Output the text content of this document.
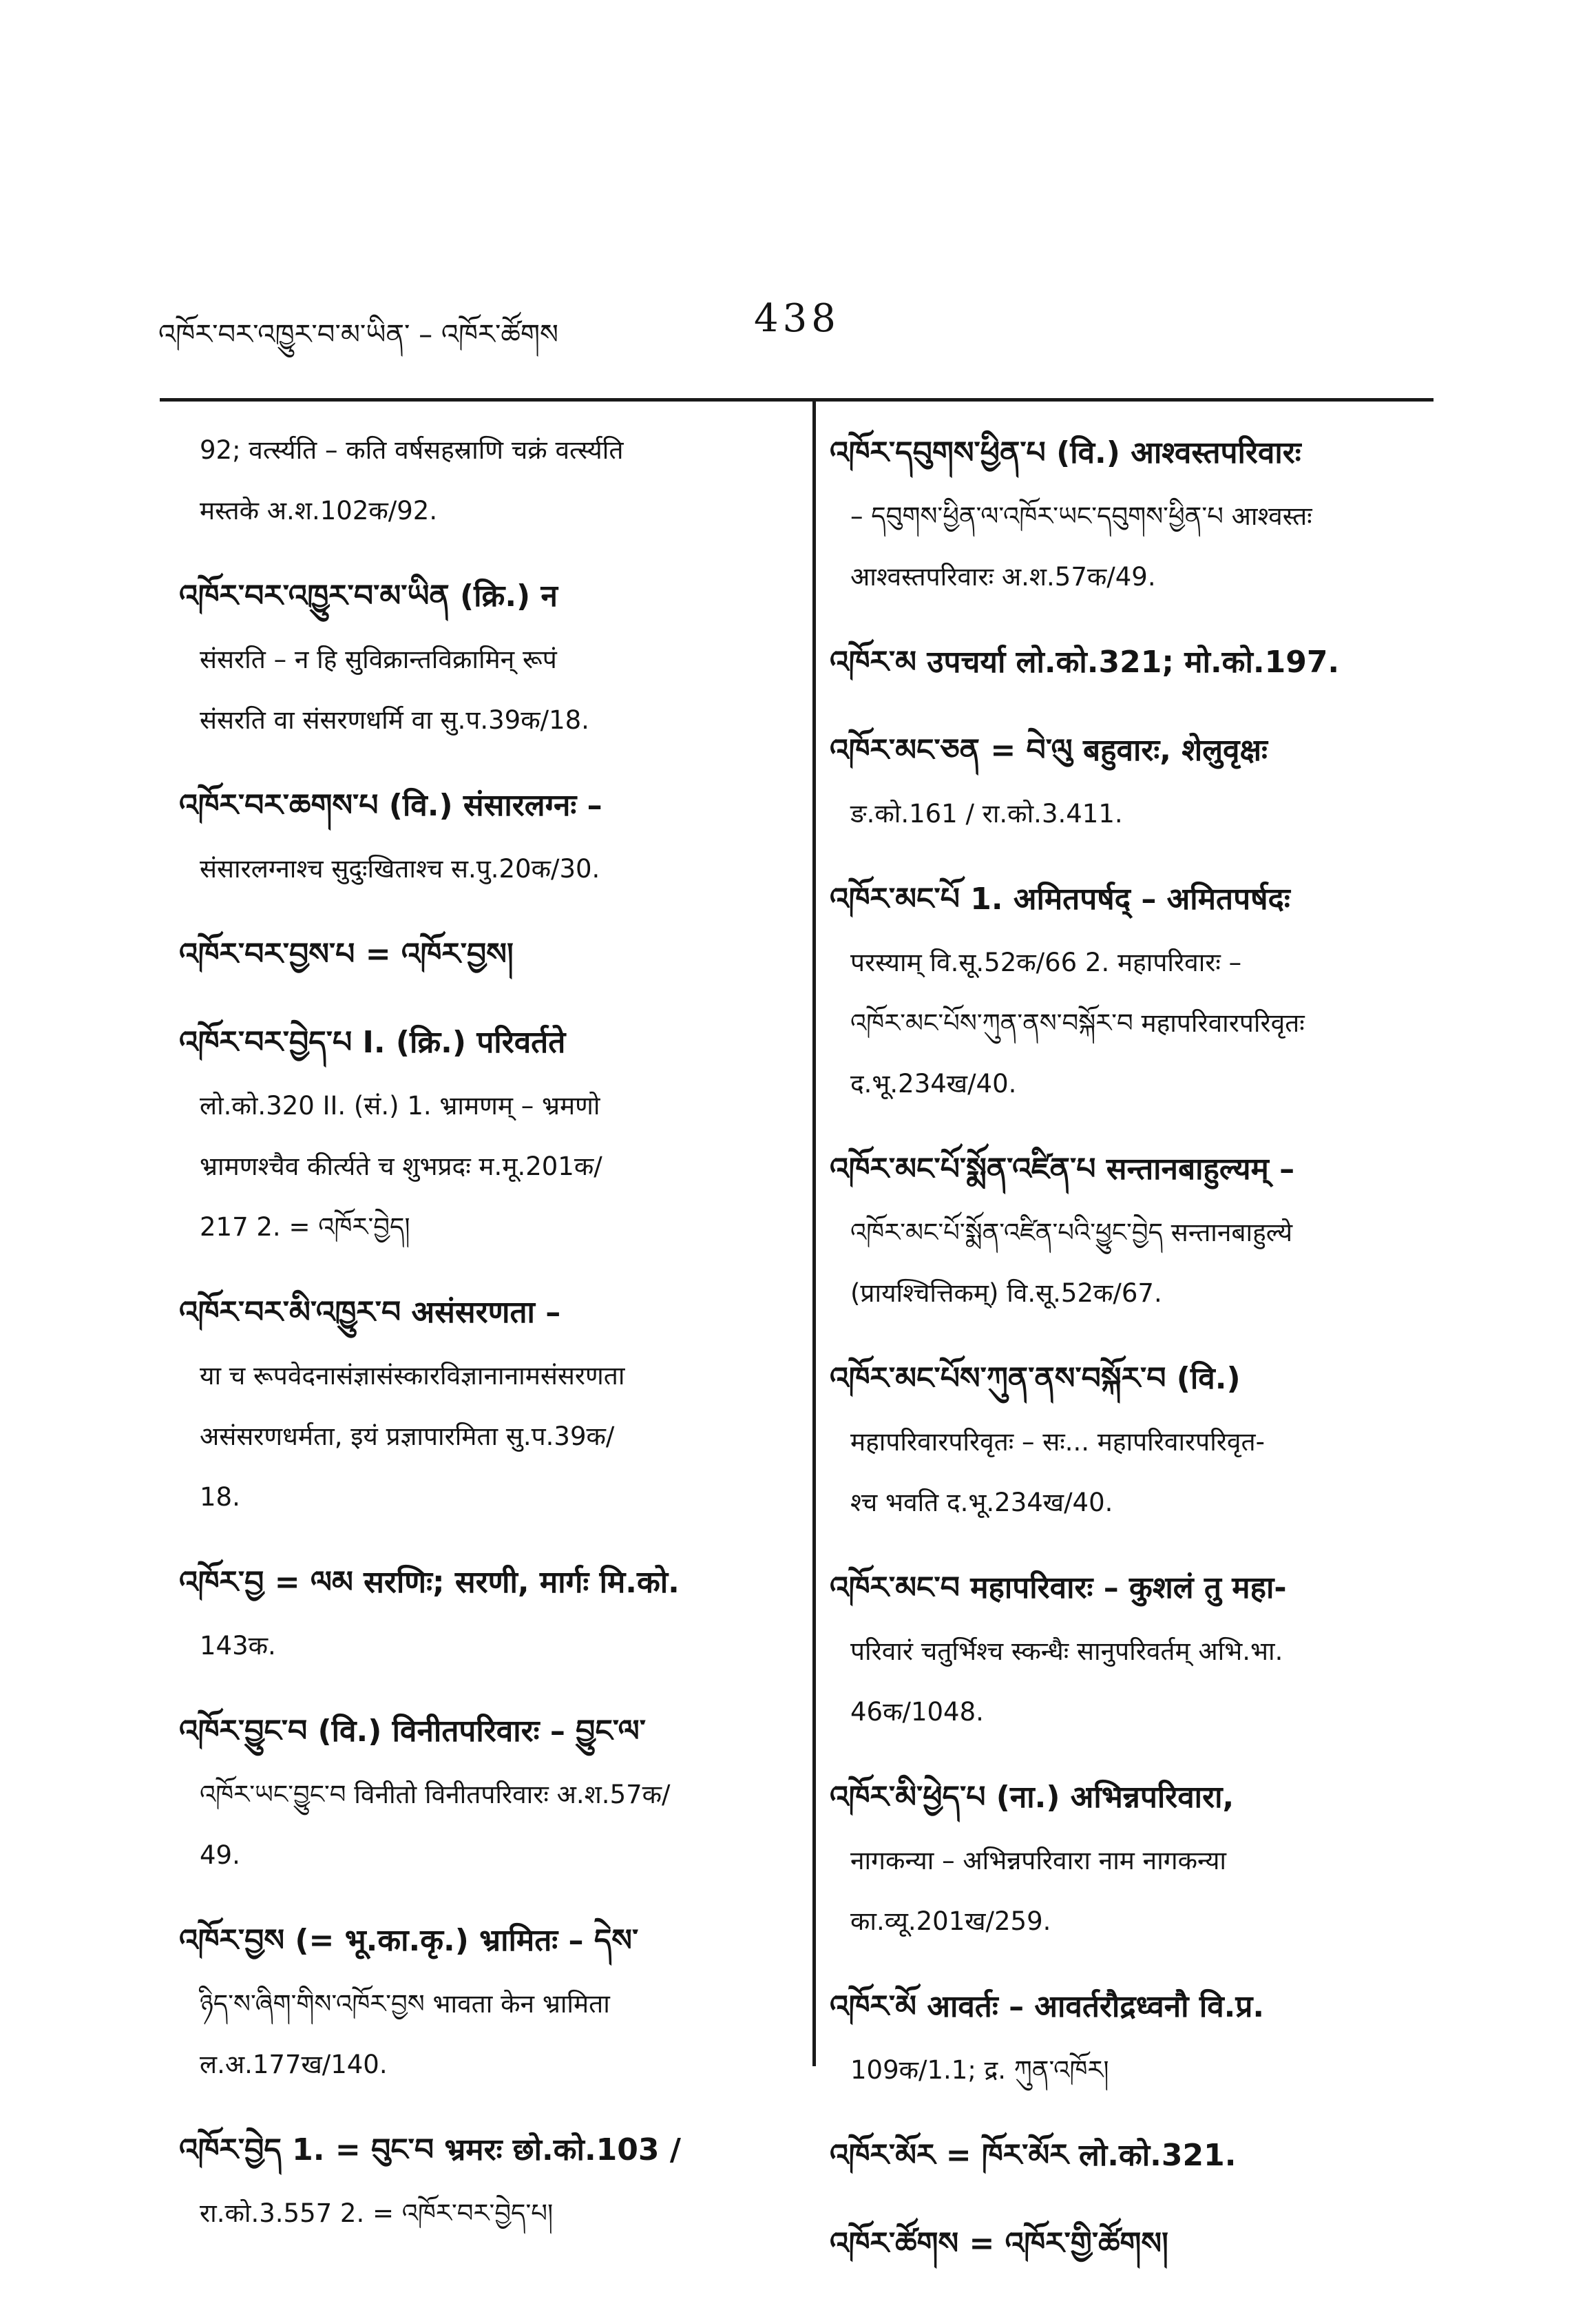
འཁོར་བར་འཁྱུར་བ་མ་ཡིན་ – འཁོར་ཚོགས	438
92; वर्त्स्यति – कति वर्षसहस्राणि चक्रं वर्त्स्यति
मस्तके अ.श.102क/92.
འཁོར་བར་འཁྱུར་བ་མ་ཡིན (क्रि.) न
संसरति – न हि सुविक्रान्तविक्रामिन् रूपं
संसरति वा संसरणधर्मि वा सु.प.39क/18.
འཁོར་བར་ཆགས་པ (वि.) संसारलग्नः –
संसारलग्नाश्च सुदुःखिताश्च स.पु.20क/30.
འཁོར་བར་བྱས་པ = འཁོར་བྱས།
འཁོར་བར་བྱེད་པ I. (क्रि.) परिवर्तते
लो.को.320 II. (सं.) 1. भ्रामणम् – भ्रमणो
भ्रामणश्चैव कीर्त्यते च शुभप्रदः म.मू.201क/
217 2. = འཁོར་བྱེད།
འཁོར་བར་མི་འཁྱུར་བ असंसरणता –
या च रूपवेदनासंज्ञासंस्कारविज्ञानानामसंसरणता
असंसरणधर्मता, इयं प्रज्ञापारमिता सु.प.39क/
18.
འཁོར་བྱ = ལམ सरणिः; सरणी, मार्गः मि.को.
143क.
འཁོར་བྱུང་བ (वि.) विनीतपरिवारः – བྱུང་ལ་
འཁོར་ཡང་བྱུང་བ विनीतो विनीतपरिवारः अ.श.57क/
49.
འཁོར་བྱས (= भू.का.कृ.) भ्रामितः – དེས་
ཉིད་ས་ཞིག་གིས་འཁོར་བྱས भावता केन भ्रामिता
ल.अ.177ख/140.
འཁོར་བྱེད 1. = བུང་བ भ्रमरः छो.को.103 /
रा.को.3.557 2. = འཁོར་བར་བྱེད་པ།
འཁོར་དབུགས་ཕྱིན་པ (वि.) आश्वस्तपरिवारः
– དབུགས་ཕྱིན་ལ་འཁོར་ཡང་དབུགས་ཕྱིན་པ आश्वस्तः
आश्वस्तपरिवारः अ.श.57क/49.
འཁོར་མ उपचर्या लो.को.321; मो.को.197.
འཁོར་མང་ཅན = བེ་ལུ बहुवारः, शेलुवृक्षः
ङ.को.161 / रा.को.3.411.
འཁོར་མང་པོ 1. अमितपर्षद् – अमितपर्षदः
परस्याम् वि.सू.52क/66 2. महापरिवारः –
འཁོར་མང་པོས་ཀུན་ནས་བསྐོར་བ महापरिवारपरिवृतः
द.भू.234ख/40.
འཁོར་མང་པོ་སྨོན་འཛིན་པ सन्तानबाहुल्यम् –
འཁོར་མང་པོ་སྨོན་འཛིན་པའི་ཕྱུང་བྱེད सन्तानबाहुल्ये
(प्रायश्चित्तिकम्) वि.सू.52क/67.
འཁོར་མང་པོས་ཀུན་ནས་བསྐོར་བ (वि.)
महापरिवारपरिवृतः – सः... महापरिवारपरिवृत-
श्च भवति द.भू.234ख/40.
འཁོར་མང་བ महापरिवारः – कुशलं तु महा-
परिवारं चतुर्भिश्च स्कन्धैः सानुपरिवर्तम् अभि.भा.
46क/1048.
འཁོར་མི་ཕྱེད་པ (ना.) अभिन्नपरिवारा,
नागकन्या – अभिन्नपरिवारा नाम नागकन्या
का.व्यू.201ख/259.
འཁོར་མོ आवर्तः – आवर्तरौद्रध्वनौ वि.प्र.
109क/1.1; द्र. ཀུན་འཁོར།
འཁོར་མོར = ཁོར་མོར लो.को.321.
འཁོར་ཚོགས = འཁོར་གྱི་ཚོགས།
